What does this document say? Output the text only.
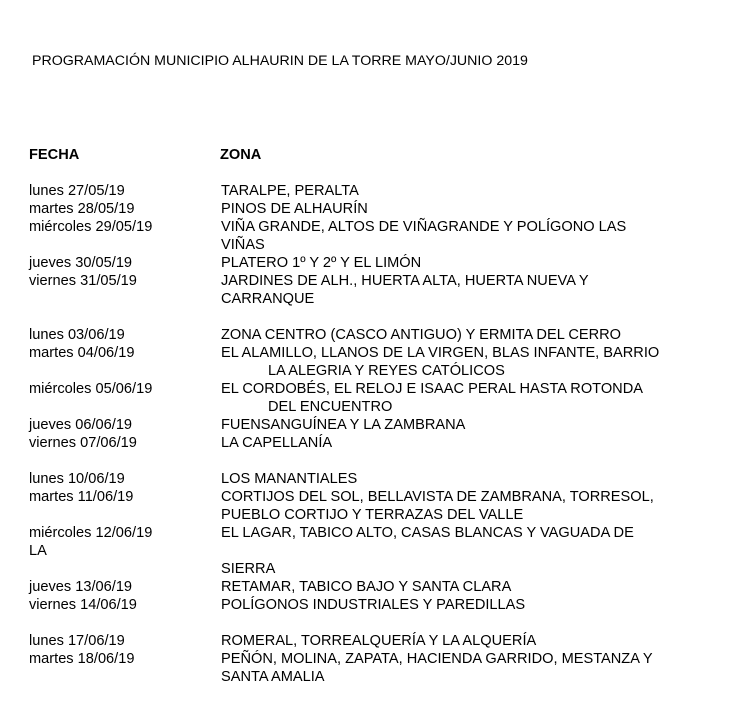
PROGRAMACIÓN MUNICIPIO ALHAURIN DE LA TORRE MAYO/JUNIO 2019
FECHA	ZONA
lunes 27/05/19	TARALPE, PERALTA
martes 28/05/19	PINOS DE ALHAURÍN
miércoles 29/05/19	VIÑA GRANDE, ALTOS DE VIÑAGRANDE Y POLÍGONO LAS
VIÑAS
jueves 30/05/19	PLATERO 1º Y 2º Y EL LIMÓN
viernes 31/05/19	JARDINES DE ALH., HUERTA ALTA, HUERTA NUEVA Y
CARRANQUE
lunes 03/06/19	ZONA CENTRO (CASCO ANTIGUO) Y ERMITA DEL CERRO
martes 04/06/19	EL ALAMILLO, LLANOS DE LA VIRGEN, BLAS INFANTE, BARRIO
LA ALEGRIA Y REYES CATÓLICOS
miércoles 05/06/19	EL CORDOBÉS, EL RELOJ E ISAAC PERAL HASTA ROTONDA
DEL ENCUENTRO
jueves 06/06/19	FUENSANGUÍNEA Y LA ZAMBRANA
viernes 07/06/19	LA CAPELLANÍA
lunes 10/06/19	LOS MANANTIALES
martes 11/06/19	CORTIJOS DEL SOL, BELLAVISTA DE ZAMBRANA, TORRESOL,
PUEBLO CORTIJO Y TERRAZAS DEL VALLE
miércoles 12/06/19	EL LAGAR, TABICO ALTO, CASAS BLANCAS Y VAGUADA DE
LA
SIERRA
jueves 13/06/19	RETAMAR, TABICO BAJO Y SANTA CLARA
viernes 14/06/19	POLÍGONOS INDUSTRIALES Y PAREDILLAS
lunes 17/06/19	ROMERAL, TORREALQUERÍA Y LA ALQUERÍA
martes 18/06/19	PEÑÓN, MOLINA, ZAPATA, HACIENDA GARRIDO, MESTANZA Y
SANTA AMALIA
